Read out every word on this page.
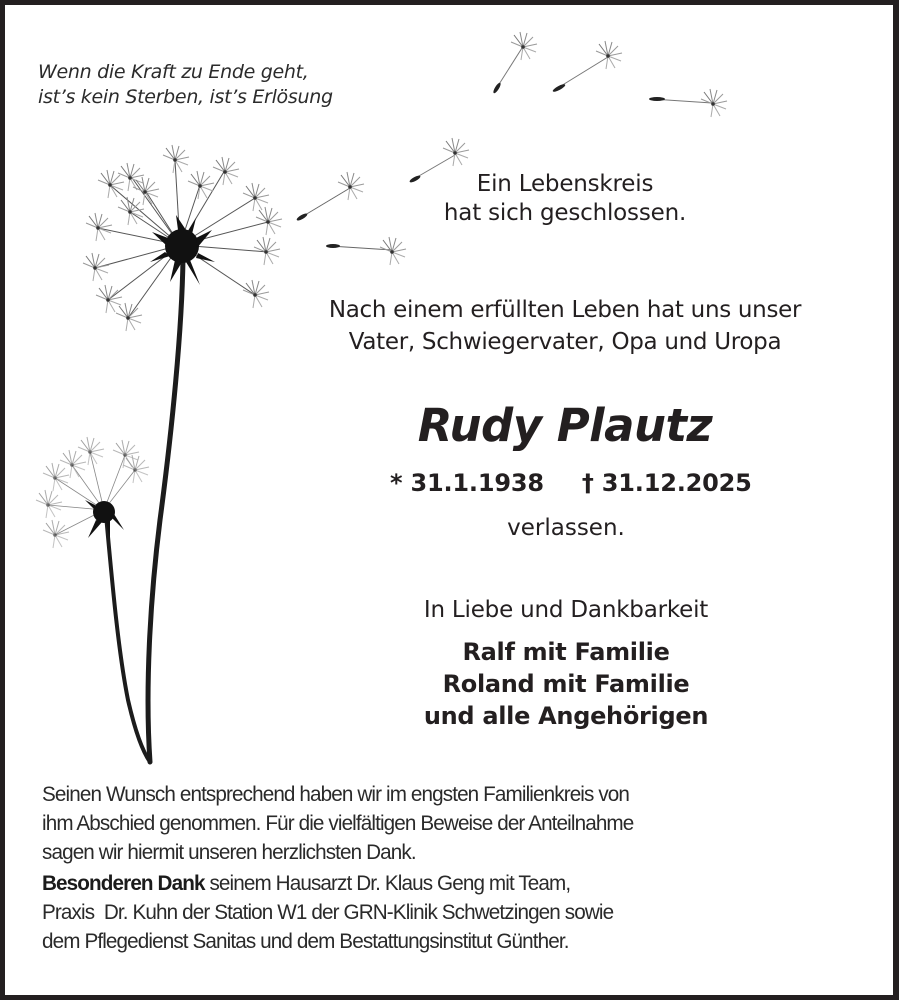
Wenn die Kraft zu Ende geht,
ist’s kein Sterben, ist’s Erlösung
Ein Lebenskreis
hat sich geschlossen.
Nach einem erfüllten Leben hat uns unser
Vater, Schwiegervater, Opa und Uropa
Rudy Plautz
* 31.1.1938 † 31.12.2025
verlassen.
In Liebe und Dankbarkeit
Ralf mit Familie
Roland mit Familie
und alle Angehörigen
Seinen Wunsch entsprechend haben wir im engsten Familienkreis von
ihm Abschied genommen. Für die vielfältigen Beweise der Anteilnahme
sagen wir hiermit unseren herzlichsten Dank.
Besonderen Dank seinem Hausarzt Dr. Klaus Geng mit Team,
Praxis  Dr. Kuhn der Station W1 der GRN-Klinik Schwetzingen sowie
dem Pflegedienst Sanitas und dem Bestattungsinstitut Günther.
